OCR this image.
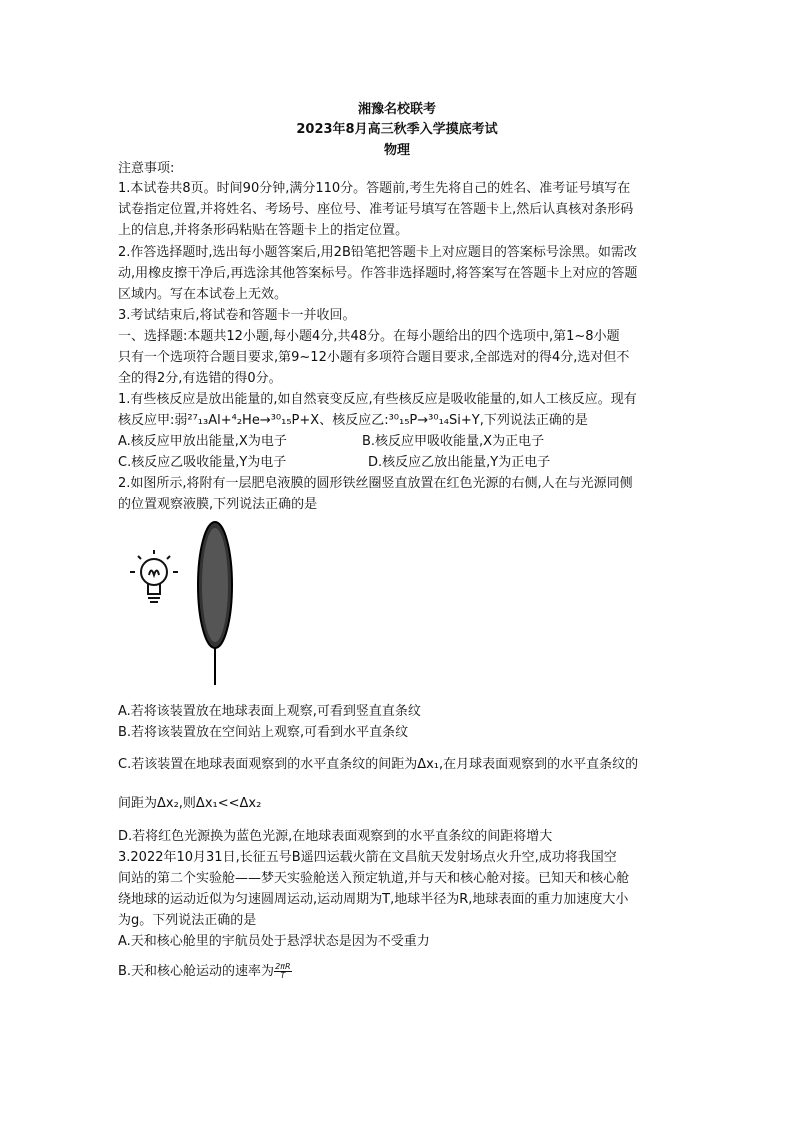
湘豫名校联考
2023年8月高三秋季入学摸底考试
物理
注意事项:
1.本试卷共8页。时间90分钟,满分110分。答题前,考生先将自己的姓名、准考证号填写在
试卷指定位置,并将姓名、考场号、座位号、准考证号填写在答题卡上,然后认真核对条形码
上的信息,并将条形码粘贴在答题卡上的指定位置。
2.作答选择题时,选出每小题答案后,用2B铅笔把答题卡上对应题目的答案标号涂黑。如需改
动,用橡皮擦干净后,再选涂其他答案标号。作答非选择题时,将答案写在答题卡上对应的答题
区域内。写在本试卷上无效。
3.考试结束后,将试卷和答题卡一并收回。
一、选择题:本题共12小题,每小题4分,共48分。在每小题给出的四个选项中,第1~8小题
只有一个选项符合题目要求,第9~12小题有多项符合题目要求,全部选对的得4分,选对但不
全的得2分,有选错的得0分。
1.有些核反应是放出能量的,如自然衰变反应,有些核反应是吸收能量的,如人工核反应。现有
核反应甲:弱²⁷₁₃Al+⁴₂He→³⁰₁₅P+X、核反应乙:³⁰₁₅P→³⁰₁₄Si+Y,下列说法正确的是
A.核反应甲放出能量,X为电子	B.核反应甲吸收能量,X为正电子
C.核反应乙吸收能量,Y为电子	D.核反应乙放出能量,Y为正电子
2.如图所示,将附有一层肥皂液膜的圆形铁丝圈竖直放置在红色光源的右侧,人在与光源同侧
的位置观察液膜,下列说法正确的是
A.若将该装置放在地球表面上观察,可看到竖直直条纹
B.若将该装置放在空间站上观察,可看到水平直条纹
C.若该装置在地球表面观察到的水平直条纹的间距为Δx₁,在月球表面观察到的水平直条纹的
间距为Δx₂,则Δx₁<<Δx₂
D.若将红色光源换为蓝色光源,在地球表面观察到的水平直条纹的间距将增大
3.2022年10月31日,长征五号B遥四运载火箭在文昌航天发射场点火升空,成功将我国空
间站的第二个实验舱——梦天实验舱送入预定轨道,并与天和核心舱对接。已知天和核心舱
绕地球的运动近似为匀速圆周运动,运动周期为T,地球半径为R,地球表面的重力加速度大小
为g。下列说法正确的是
A.天和核心舱里的宇航员处于悬浮状态是因为不受重力
B.天和核心舱运动的速率为 $\frac{2\pi R}{T}$
